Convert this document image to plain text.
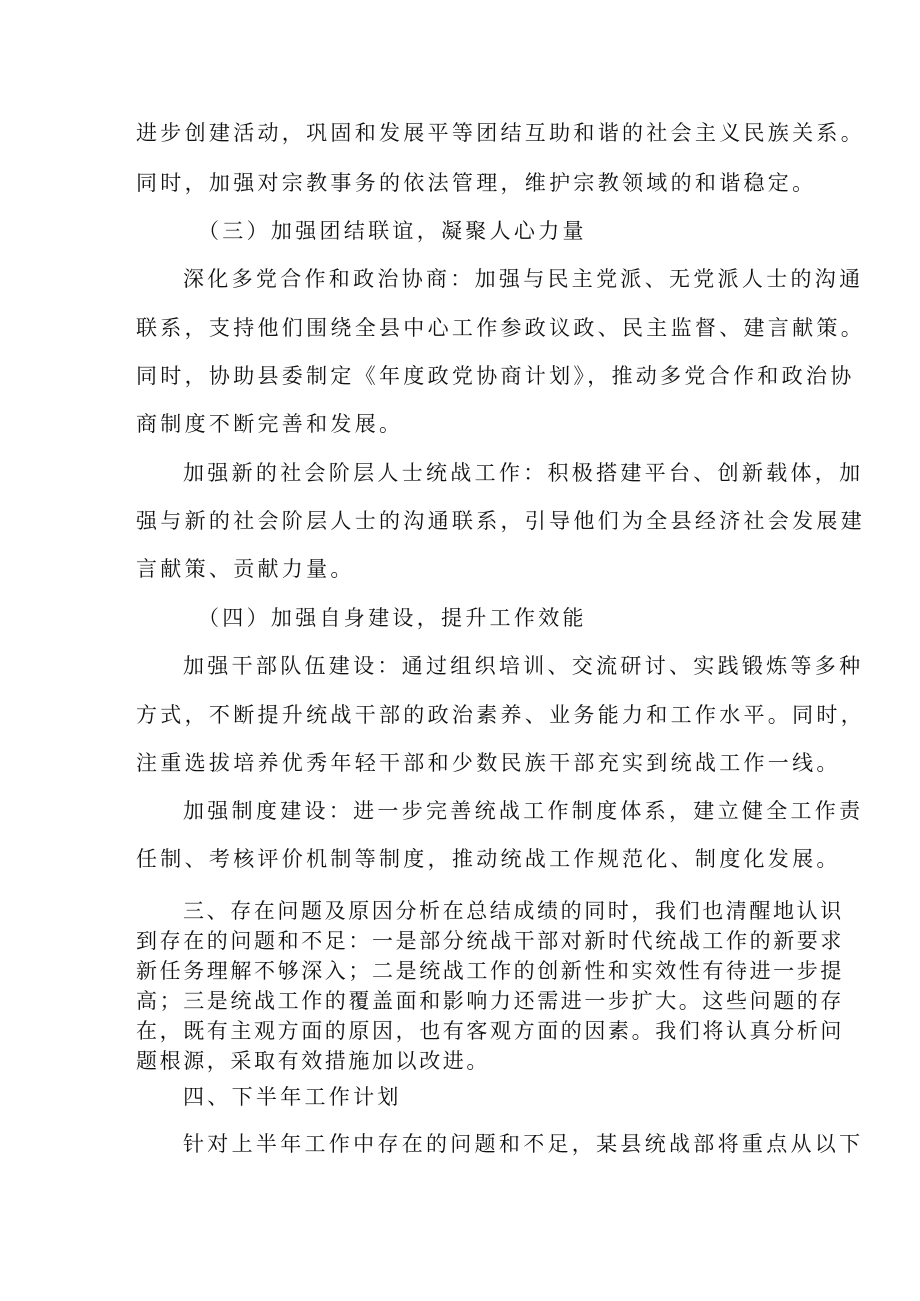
进步创建活动，巩固和发展平等团结互助和谐的社会主义民族关系。

同时，加强对宗教事务的依法管理，维护宗教领域的和谐稳定。

（三）加强团结联谊，凝聚人心力量

深化多党合作和政治协商：加强与民主党派、无党派人士的沟通

联系，支持他们围绕全县中心工作参政议政、民主监督、建言献策。

同时，协助县委制定《年度政党协商计划》，推动多党合作和政治协

商制度不断完善和发展。

加强新的社会阶层人士统战工作：积极搭建平台、创新载体，加

强与新的社会阶层人士的沟通联系，引导他们为全县经济社会发展建

言献策、贡献力量。

（四）加强自身建设，提升工作效能

加强干部队伍建设：通过组织培训、交流研讨、实践锻炼等多种

方式，不断提升统战干部的政治素养、业务能力和工作水平。同时，

注重选拔培养优秀年轻干部和少数民族干部充实到统战工作一线。

加强制度建设：进一步完善统战工作制度体系，建立健全工作责

任制、考核评价机制等制度，推动统战工作规范化、制度化发展。

三、存在问题及原因分析在总结成绩的同时，我们也清醒地认识

到存在的问题和不足：一是部分统战干部对新时代统战工作的新要求

新任务理解不够深入；二是统战工作的创新性和实效性有待进一步提

高；三是统战工作的覆盖面和影响力还需进一步扩大。这些问题的存

在，既有主观方面的原因，也有客观方面的因素。我们将认真分析问

题根源，采取有效措施加以改进。

四、下半年工作计划

针对上半年工作中存在的问题和不足，某县统战部将重点从以下
